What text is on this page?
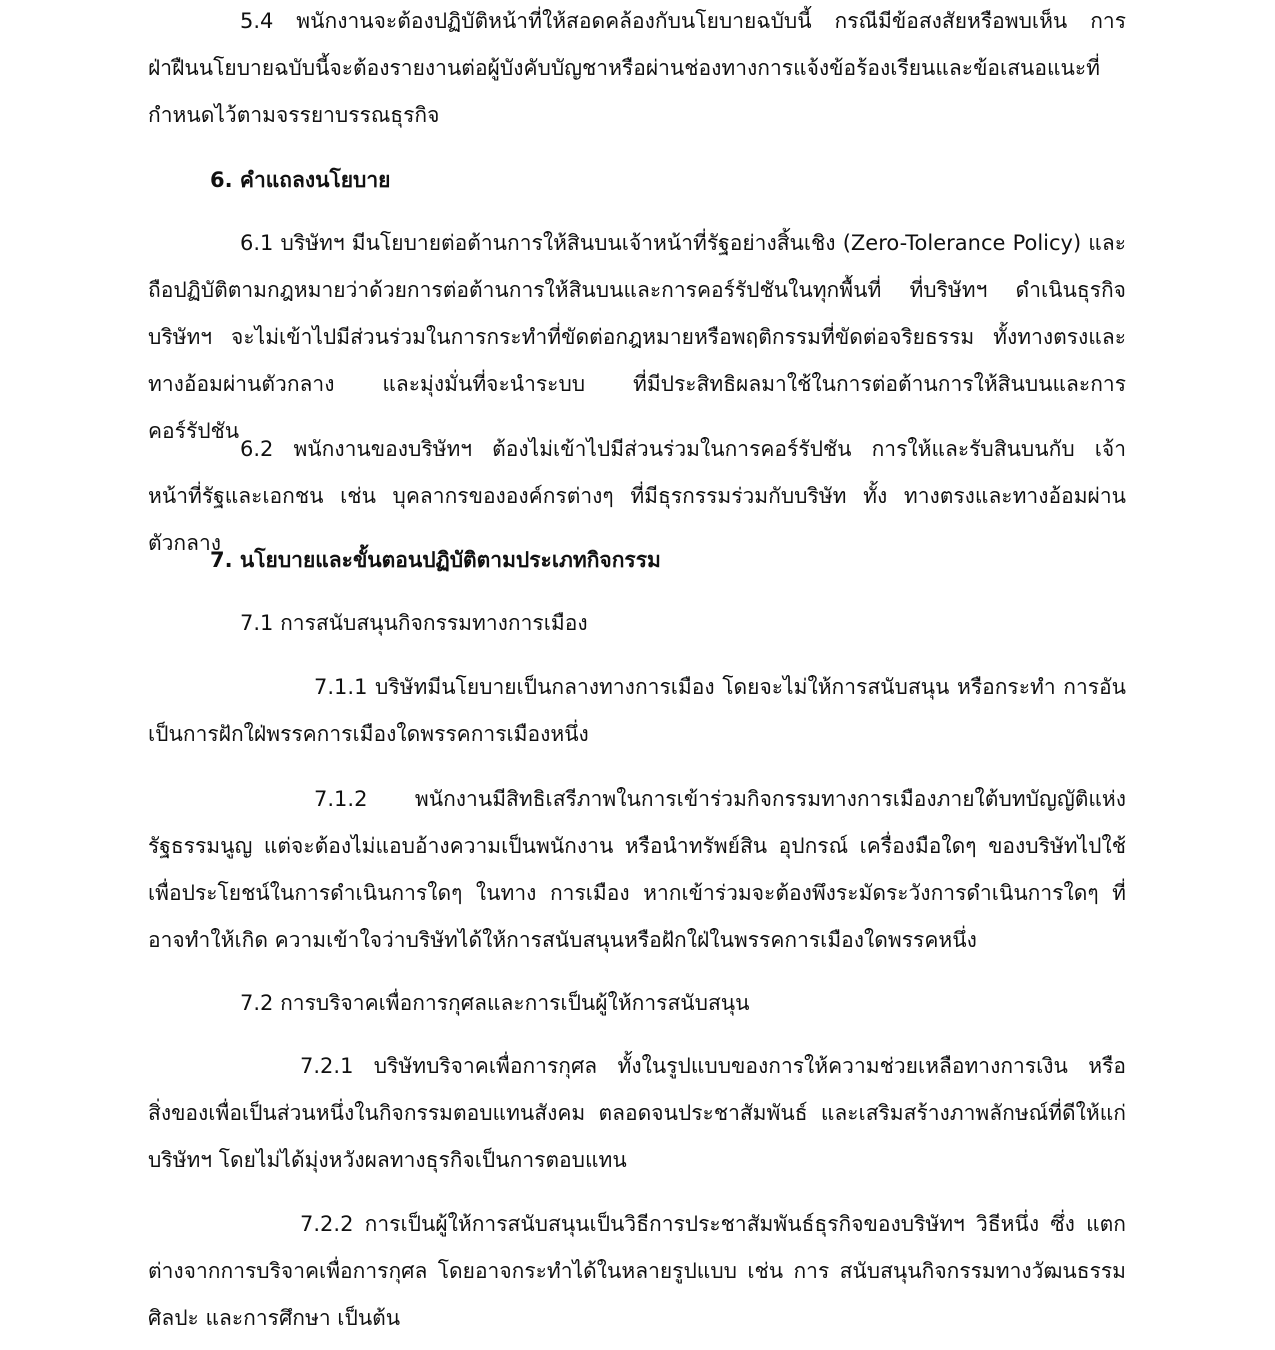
5.4 พนักงานจะต้องปฏิบัติหน้าที่ให้สอดคล้องกับนโยบายฉบับนี้ กรณีมีข้อสงสัยหรือพบเห็น การฝ่าฝืนนโยบายฉบับนี้จะต้องรายงานต่อผู้บังคับบัญชาหรือผ่านช่องทางการแจ้งข้อร้องเรียนและข้อเสนอแนะที่กำหนดไว้ตามจรรยาบรรณธุรกิจ

6. คำแถลงนโยบาย

6.1 บริษัทฯ มีนโยบายต่อต้านการให้สินบนเจ้าหน้าที่รัฐอย่างสิ้นเชิง (Zero-Tolerance Policy) และถือปฏิบัติตามกฎหมายว่าด้วยการต่อต้านการให้สินบนและการคอร์รัปชันในทุกพื้นที่ ที่บริษัทฯ ดำเนินธุรกิจ บริษัทฯ จะไม่เข้าไปมีส่วนร่วมในการกระทำที่ขัดต่อกฎหมายหรือพฤติกรรมที่ขัดต่อจริยธรรม ทั้งทางตรงและทางอ้อมผ่านตัวกลาง และมุ่งมั่นที่จะนำระบบ ที่มีประสิทธิผลมาใช้ในการต่อต้านการให้สินบนและการคอร์รัปชัน

6.2 พนักงานของบริษัทฯ ต้องไม่เข้าไปมีส่วนร่วมในการคอร์รัปชัน การให้และรับสินบนกับ เจ้าหน้าที่รัฐและเอกชน เช่น บุคลากรขององค์กรต่างๆ ที่มีธุรกรรมร่วมกับบริษัท ทั้ง ทางตรงและทางอ้อมผ่านตัวกลาง

7. นโยบายและขั้นตอนปฏิบัติตามประเภทกิจกรรม

7.1 การสนับสนุนกิจกรรมทางการเมือง

7.1.1 บริษัทมีนโยบายเป็นกลางทางการเมือง โดยจะไม่ให้การสนับสนุน หรือกระทำ การอันเป็นการฝักใฝ่พรรคการเมืองใดพรรคการเมืองหนึ่ง

7.1.2 พนักงานมีสิทธิเสรีภาพในการเข้าร่วมกิจกรรมทางการเมืองภายใต้บทบัญญัติแห่งรัฐธรรมนูญ แต่จะต้องไม่แอบอ้างความเป็นพนักงาน หรือนำทรัพย์สิน อุปกรณ์ เครื่องมือใดๆ ของบริษัทไปใช้เพื่อประโยชน์ในการดำเนินการใดๆ ในทาง การเมือง หากเข้าร่วมจะต้องพึงระมัดระวังการดำเนินการใดๆ ที่อาจทำให้เกิด ความเข้าใจว่าบริษัทได้ให้การสนับสนุนหรือฝักใฝ่ในพรรคการเมืองใดพรรคหนึ่ง

7.2 การบริจาคเพื่อการกุศลและการเป็นผู้ให้การสนับสนุน

7.2.1 บริษัทบริจาคเพื่อการกุศล ทั้งในรูปแบบของการให้ความช่วยเหลือทางการเงิน หรือสิ่งของเพื่อเป็นส่วนหนึ่งในกิจกรรมตอบแทนสังคม ตลอดจนประชาสัมพันธ์ และเสริมสร้างภาพลักษณ์ที่ดีให้แก่บริษัทฯ โดยไม่ได้มุ่งหวังผลทางธุรกิจเป็นการตอบแทน

7.2.2 การเป็นผู้ให้การสนับสนุนเป็นวิธีการประชาสัมพันธ์ธุรกิจของบริษัทฯ วิธีหนึ่ง ซึ่ง แตกต่างจากการบริจาคเพื่อการกุศล โดยอาจกระทำได้ในหลายรูปแบบ เช่น การ สนับสนุนกิจกรรมทางวัฒนธรรม ศิลปะ และการศึกษา เป็นต้น
